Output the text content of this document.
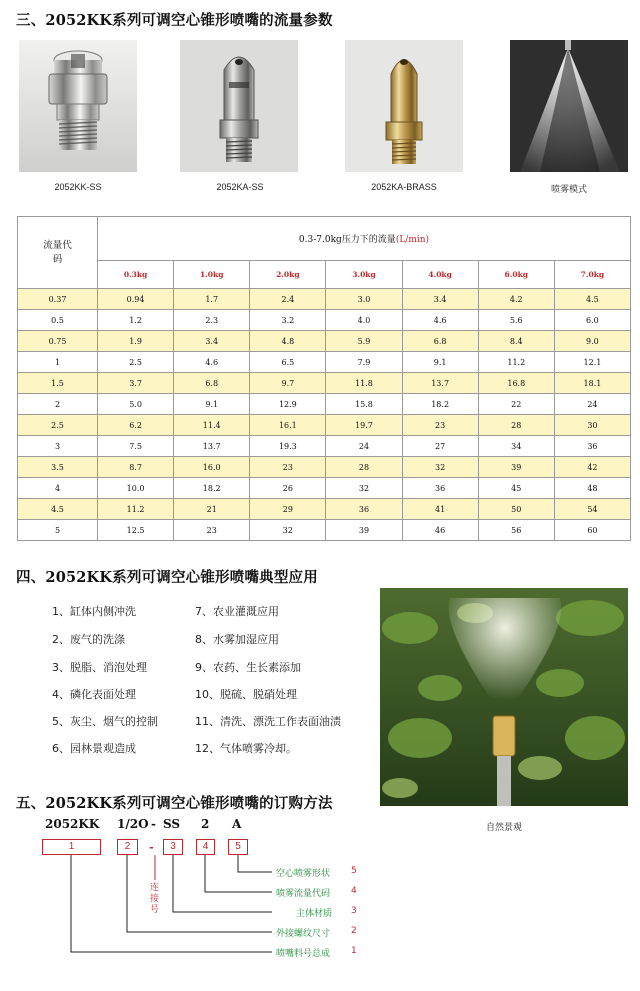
三、2052KK系列可调空心锥形喷嘴的流量参数
2052KK-SS	2052KA-SS	2052KA-BRASS	喷雾模式
流量代码	0.3-7.0kg压力下的流量(L/min)						
	0.3kg	1.0kg	2.0kg	3.0kg	4.0kg	6.0kg	7.0kg
0.37	0.94	1.7	2.4	3.0	3.4	4.2	4.5
0.5	1.2	2.3	3.2	4.0	4.6	5.6	6.0
0.75	1.9	3.4	4.8	5.9	6.8	8.4	9.0
1	2.5	4.6	6.5	7.9	9.1	11.2	12.1
1.5	3.7	6.8	9.7	11.8	13.7	16.8	18.1
2	5.0	9.1	12.9	15.8	18.2	22	24
2.5	6.2	11.4	16.1	19.7	23	28	30
3	7.5	13.7	19.3	24	27	34	36
3.5	8.7	16.0	23	28	32	39	42
4	10.0	18.2	26	32	36	45	48
4.5	11.2	21	29	36	41	50	54
5	12.5	23	32	39	46	56	60
四、2052KK系列可调空心锥形喷嘴典型应用
1、缸体内侧冲洗
2、废气的洗涤
3、脱脂、消泡处理
4、磷化表面处理
5、灰尘、烟气的控制
6、园林景观造成
7、农业灌溉应用
8、水雾加湿应用
9、农药、生长素添加
10、脱硫、脱硝处理
11、清洗、漂洗工作表面油渍
12、气体喷雾冷却。
自然景观
五、2052KK系列可调空心锥形喷嘴的订购方法
2052KK 1/2O - SS 2 A
1	2	-	3	4	5
连接号
空心喷雾形状 5
喷雾流量代码 4
主体材质 3
外接螺纹尺寸 2
喷嘴料号总成 1
